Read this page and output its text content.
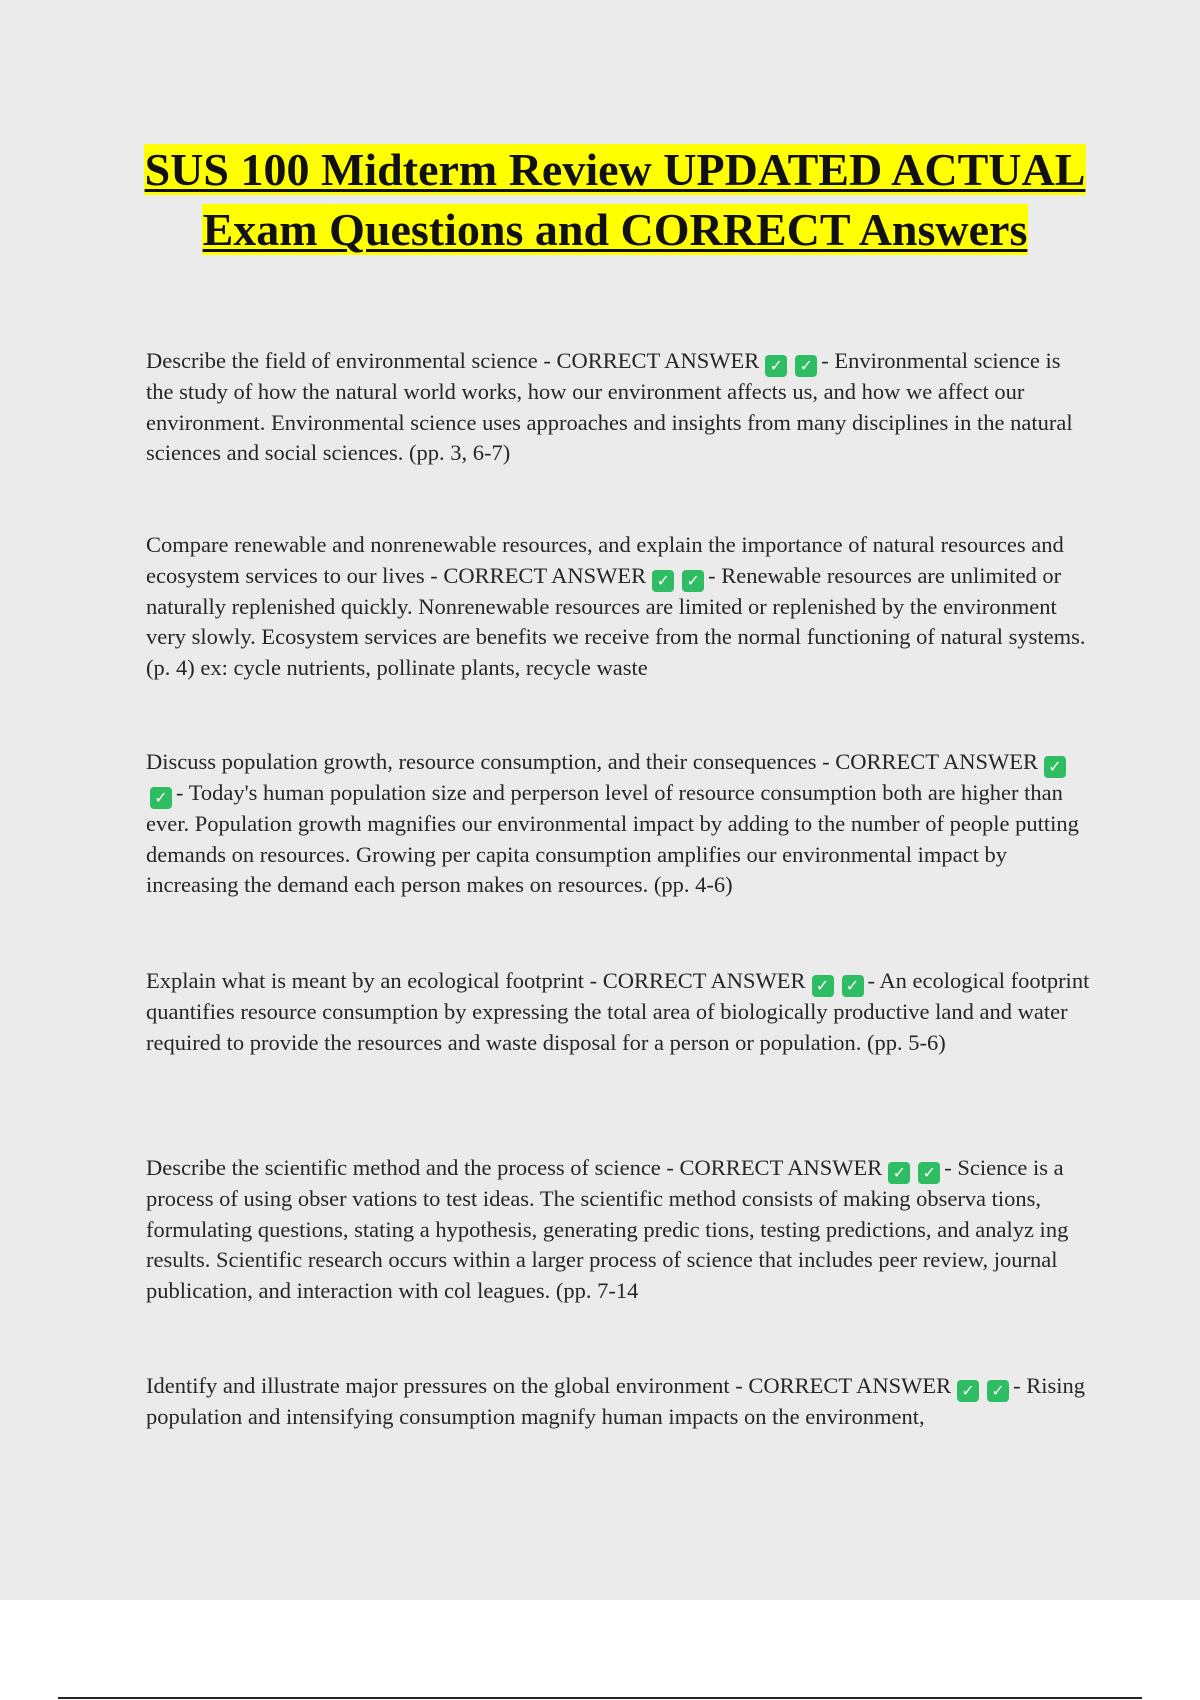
SUS 100 Midterm Review UPDATED ACTUAL Exam Questions and CORRECT Answers

Describe the field of environmental science - CORRECT ANSWER ✓ ✓ - Environmental science is the study of how the natural world works, how our environment affects us, and how we affect our environment. Environmental science uses approaches and insights from many disciplines in the natural sciences and social sciences. (pp. 3, 6-7)

Compare renewable and nonrenewable resources, and explain the importance of natural resources and ecosystem services to our lives - CORRECT ANSWER ✓ ✓ - Renewable resources are unlimited or naturally replenished quickly. Nonrenewable resources are limited or replenished by the environment very slowly. Ecosystem services are benefits we receive from the normal functioning of natural systems. (p. 4) ex: cycle nutrients, pollinate plants, recycle waste

Discuss population growth, resource consumption, and their consequences - CORRECT ANSWER ✓✓ - Today's human population size and perperson level of resource consumption both are higher than ever. Population growth magnifies our environmental impact by adding to the number of people putting demands on resources. Growing per capita consumption amplifies our environmental impact by increasing the demand each person makes on resources. (pp. 4-6)

Explain what is meant by an ecological footprint - CORRECT ANSWER ✓ ✓ - An ecological footprint quantifies resource consumption by expressing the total area of biologically productive land and water required to provide the resources and waste disposal for a person or population. (pp. 5-6)

Describe the scientific method and the process of science - CORRECT ANSWER ✓ ✓ - Science is a process of using obser vations to test ideas. The scientific method consists of making observa tions, formulating questions, stating a hypothesis, generating predic tions, testing predictions, and analyz ing results. Scientific research occurs within a larger process of science that includes peer review, journal publication, and interaction with col leagues. (pp. 7-14

Identify and illustrate major pressures on the global environment - CORRECT ANSWER ✓ ✓ - Rising population and intensifying consumption magnify human impacts on the environment,
